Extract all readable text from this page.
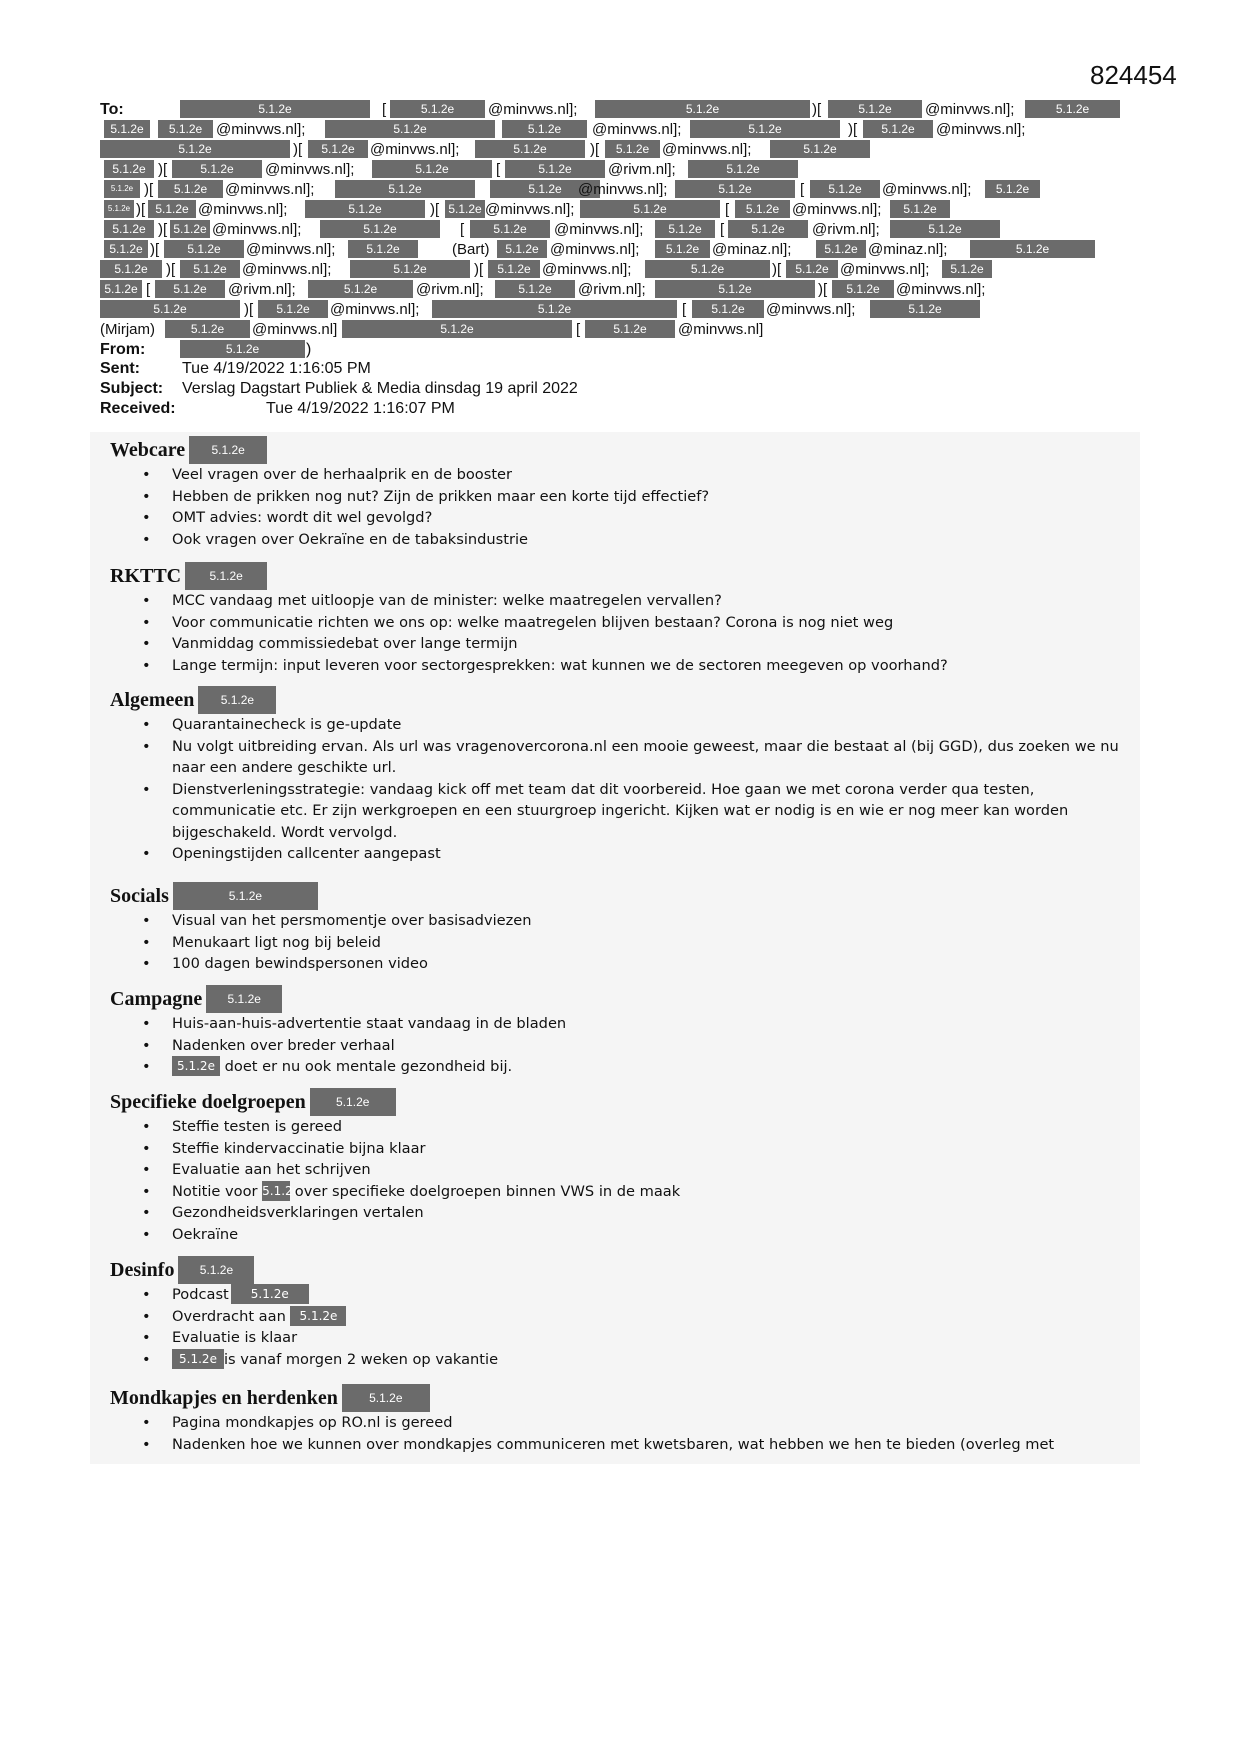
824454
To:	5.1.2e	[	5.1.2e	@minvws.nl];	5.1.2e	)[	5.1.2e	@minvws.nl];	5.1.2e
5.1.2e	5.1.2e @minvws.nl];	5.1.2e	5.1.2e	@minvws.nl];	5.1.2e	)[	5.1.2e	@minvws.nl];
5.1.2e	)[	5.1.2e	@minvws.nl];	5.1.2e	)[	5.1.2e @minvws.nl];	5.1.2e
5.1.2e )[	5.1.2e	@minvws.nl];	5.1.2e	[	5.1.2e	@rivm.nl];	5.1.2e
5.1.2e )[	5.1.2e	@minvws.nl];	5.1.2e	5.1.2e	@minvws.nl];	5.1.2e	[	5.1.2e	@minvws.nl];	5.1.2e
5.1.2e )[ 5.1.2e @minvws.nl];	5.1.2e	)[ 5.1.2e @minvws.nl];	5.1.2e	[	5.1.2e @minvws.nl];	5.1.2e
5.1.2e )[ 5.1.2e @minvws.nl];	5.1.2e	[	5.1.2e	@minvws.nl];	5.1.2e	[	5.1.2e	@rivm.nl];	5.1.2e
5.1.2e )[	5.1.2e	@minvws.nl];	5.1.2e	(Bart)	5.1.2e @minvws.nl];	5.1.2e @minaz.nl];	5.1.2e @minaz.nl];	5.1.2e
5.1.2e	)[	5.1.2e	@minvws.nl];	5.1.2e	)[	5.1.2e @minvws.nl];	5.1.2e	)[	5.1.2e @minvws.nl];	5.1.2e
5.1.2e [	5.1.2e	@rivm.nl];	5.1.2e	@rivm.nl];	5.1.2e	@rivm.nl];	5.1.2e	)[	5.1.2e	@minvws.nl];
5.1.2e	)[	5.1.2e	@minvws.nl];	5.1.2e	[	5.1.2e	@minvws.nl];	5.1.2e
(Mirjam)	5.1.2e	@minvws.nl]	5.1.2e	[	5.1.2e	@minvws.nl]
From:	5.1.2e	)
Sent:	Tue 4/19/2022 1:16:05 PM
Subject: Verslag Dagstart Publiek & Media dinsdag 19 april 2022
Received:	Tue 4/19/2022 1:16:07 PM
Webcare	5.1.2e
• Veel vragen over de herhaalprik en de booster
• Hebben de prikken nog nut? Zijn de prikken maar een korte tijd effectief?
• OMT advies: wordt dit wel gevolgd?
• Ook vragen over Oekraïne en de tabaksindustrie
RKTTC	5.1.2e
• MCC vandaag met uitloopje van de minister: welke maatregelen vervallen?
• Voor communicatie richten we ons op: welke maatregelen blijven bestaan? Corona is nog niet weg
• Vanmiddag commissiedebat over lange termijn
• Lange termijn: input leveren voor sectorgesprekken: wat kunnen we de sectoren meegeven op voorhand?
Algemeen	5.1.2e
• Quarantainecheck is ge-update
• Nu volgt uitbreiding ervan. Als url was vragenovercorona.nl een mooie geweest, maar die bestaat al (bij GGD), dus zoeken we nu naar een andere geschikte url.
• Dienstverleningsstrategie: vandaag kick off met team dat dit voorbereid. Hoe gaan we met corona verder qua testen, communicatie etc. Er zijn werkgroepen en een stuurgroep ingericht. Kijken wat er nodig is en wie er nog meer kan worden bijgeschakeld. Wordt vervolgd.
• Openingstijden callcenter aangepast
Socials	5.1.2e
• Visual van het persmomentje over basisadviezen
• Menukaart ligt nog bij beleid
• 100 dagen bewindspersonen video
Campagne	5.1.2e
• Huis-aan-huis-advertentie staat vandaag in de bladen
• Nadenken over breder verhaal
• 5.1.2e doet er nu ook mentale gezondheid bij.
Specifieke doelgroepen	5.1.2e
• Steffie testen is gereed
• Steffie kindervaccinatie bijna klaar
• Evaluatie aan het schrijven
• Notitie voor 5.1.2e over specifieke doelgroepen binnen VWS in de maak
• Gezondheidsverklaringen vertalen
• Oekraïne
Desinfo	5.1.2e
• Podcast 5.1.2e
• Overdracht aan 5.1.2e
• Evaluatie is klaar
• 5.1.2e is vanaf morgen 2 weken op vakantie
Mondkapjes en herdenken	5.1.2e
• Pagina mondkapjes op RO.nl is gereed
• Nadenken hoe we kunnen over mondkapjes communiceren met kwetsbaren, wat hebben we hen te bieden (overleg met
